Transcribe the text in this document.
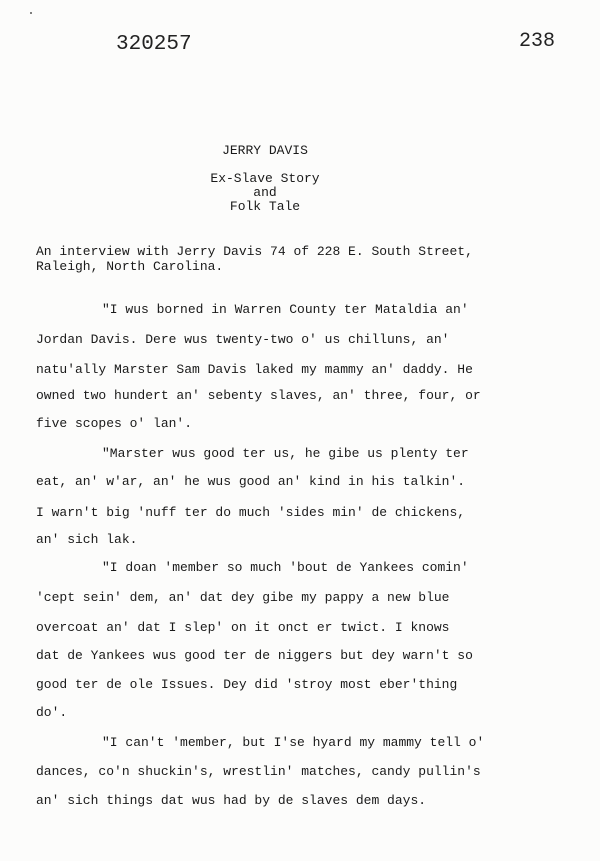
320257	238
JERRY DAVIS
Ex-Slave Story
and
Folk Tale
An interview with Jerry Davis 74 of 228 E. South Street,
Raleigh, North Carolina.
"I wus borned in Warren County ter Mataldia an'
Jordan Davis. Dere wus twenty-two o' us chilluns, an'
natu'ally Marster Sam Davis laked my mammy an' daddy. He
owned two hundert an' sebenty slaves, an' three, four, or
five scopes o' lan'.
"Marster wus good ter us, he gibe us plenty ter
eat, an' w'ar, an' he wus good an' kind in his talkin'.
I warn't big 'nuff ter do much 'sides min' de chickens,
an' sich lak.
"I doan 'member so much 'bout de Yankees comin'
'cept sein' dem, an' dat dey gibe my pappy a new blue
overcoat an' dat I slep' on it onct er twict. I knows
dat de Yankees wus good ter de niggers but dey warn't so
good ter de ole Issues. Dey did 'stroy most eber'thing
do'.
"I can't 'member, but I'se hyard my mammy tell o'
dances, co'n shuckin's, wrestlin' matches, candy pullin's
an' sich things dat wus had by de slaves dem days.
